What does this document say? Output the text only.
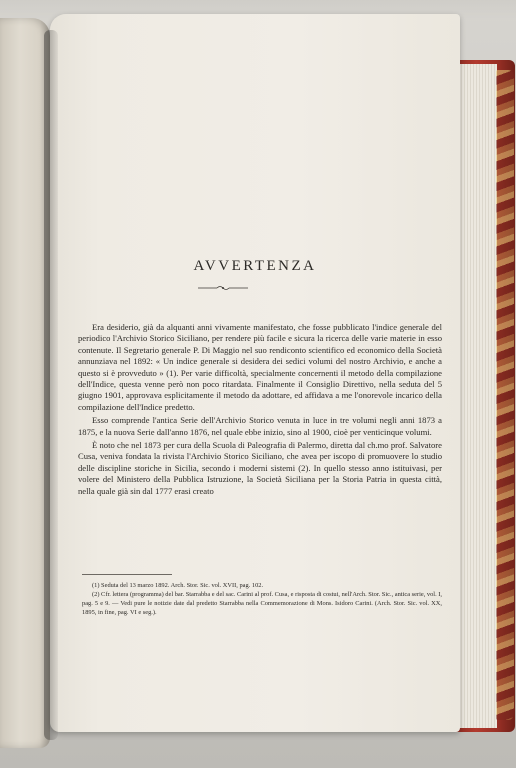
AVVERTENZA

Era desiderio, già da alquanti anni vivamente manifestato, che fosse pubblicato l'indice generale del periodico l'Archivio Storico Siciliano, per rendere più facile e sicura la ricerca delle varie materie in esso contenute. Il Segretario generale P. Di Maggio nel suo rendiconto scientifico ed economico della Società annunziava nel 1892: « Un indice generale si desidera dei sedici volumi del nostro Archivio, e anche a questo si è provveduto » (1). Per varie difficoltà, specialmente concernenti il metodo della compilazione dell'Indice, questa venne però non poco ritardata. Finalmente il Consiglio Direttivo, nella seduta del 5 giugno 1901, approvava esplicitamente il metodo da adottare, ed affidava a me l'onorevole incarico della compilazione dell'Indice predetto.

Esso comprende l'antica Serie dell'Archivio Storico venuta in luce in tre volumi negli anni 1873 a 1875, e la nuova Serie dall'anno 1876, nel quale ebbe inizio, sino al 1900, cioè per venticinque volumi.

È noto che nel 1873 per cura della Scuola di Paleografia di Palermo, diretta dal ch.mo prof. Salvatore Cusa, veniva fondata la rivista l'Archivio Storico Siciliano, che avea per iscopo di promuovere lo studio delle discipline storiche in Sicilia, secondo i moderni sistemi (2). In quello stesso anno istituivasi, per volere del Ministero della Pubblica Istruzione, la Società Siciliana per la Storia Patria in questa città, nella quale già sin dal 1777 erasi creato

(1) Seduta del 13 marzo 1892. Arch. Stor. Sic. vol. XVII, pag. 102.

(2) Cfr. lettera (programma) del bar. Starrabba e del sac. Carini al prof. Cusa, e risposta di costui, nell'Arch. Stor. Sic., antica serie, vol. I, pag. 5 e 9. — Vedi pure le notizie date dal predetto Starrabba nella Commemorazione di Mons. Isidoro Carini. (Arch. Stor. Sic. vol. XX, 1895, in fine, pag. VI e seg.).
